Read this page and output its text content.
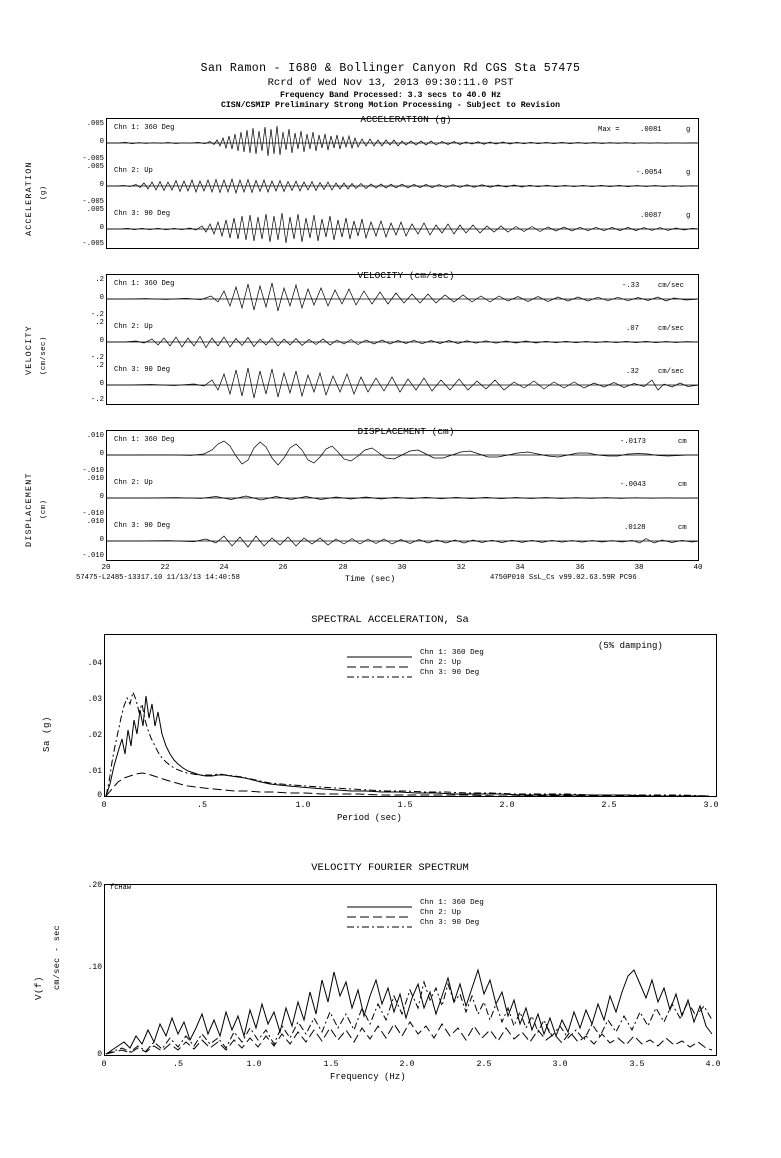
San Ramon - I680 & Bollinger Canyon Rd CGS Sta 57475
Rcrd of Wed Nov 13, 2013 09:30:11.0 PST
Frequency Band Processed: 3.3 secs to 40.0 Hz
CISN/CSMIP Preliminary Strong Motion Processing - Subject to Revision
ACCELERATION (g)
ACCELERATION (g)
.005
0
-.005
.005
0
-.005
.005
0
-.005
Chn 1: 360 Deg
Chn 2: Up
Chn 3: 90 Deg
Max =	.0081	g
-.0054	g
.0087	g
VELOCITY (cm/sec)
VELOCITY (cm/sec)
.2
0
-.2
.2
0
-.2
.2
0
-.2
Chn 1: 360 Deg
Chn 2: Up
Chn 3: 90 Deg
-.33	cm/sec
.07	cm/sec
.32	cm/sec
DISPLACEMENT (cm)
DISPLACEMENT (cm)
.010
0
-.010
.010
0
-.010
.010
0
-.010
Chn 1: 360 Deg
Chn 2: Up
Chn 3: 90 Deg
-.0173	cm
-.0043	cm
.0128	cm
20	22	24	26	28	30	32	34	36	38	40
Time (sec)
57475-L2485-13317.10 11/13/13 14:40:58	4750P010 SsL_Cs v99.02.63.59R PC96
SPECTRAL ACCELERATION, Sa
(5% damping)
Sa (g)
0
.01
.02
.03
.04
0	.5	1.0	1.5	2.0	2.5	3.0
Period (sec)
Chn 1: 360 Deg
Chn 2: Up
Chn 3: 90 Deg
VELOCITY FOURIER SPECTRUM
fcHaw
V(f) cm/sec - sec
0
.10
.20
0	.5	1.0	1.5	2.0	2.5	3.0	3.5	4.0
Frequency (Hz)
Chn 1: 360 Deg
Chn 2: Up
Chn 3: 90 Deg
